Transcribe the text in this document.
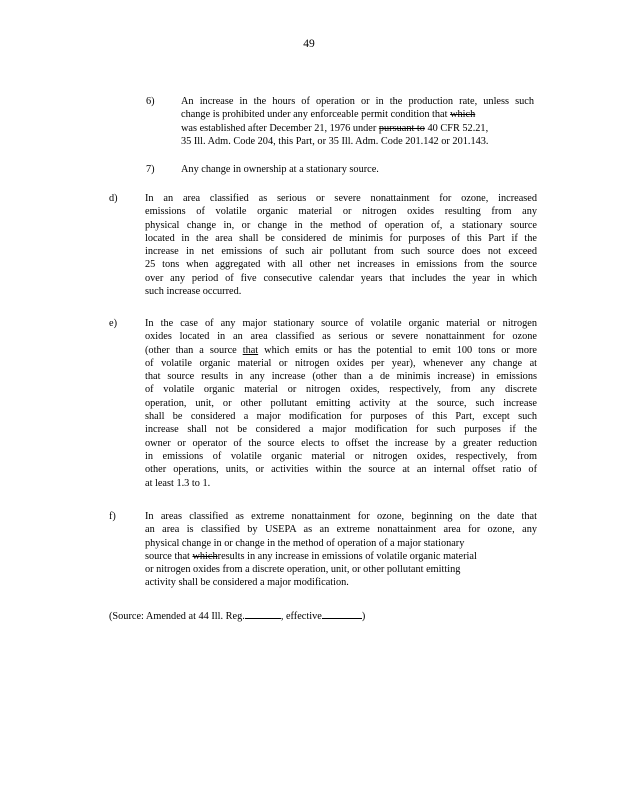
49
6)	An increase in the hours of operation or in the production rate, unless such
change is prohibited under any enforceable permit condition that which
was established after December 21, 1976 under pursuant to 40 CFR 52.21,
35 Ill. Adm. Code 204, this Part, or 35 Ill. Adm. Code 201.142 or 201.143.
7)	Any change in ownership at a stationary source.
d)	In an area classified as serious or severe nonattainment for ozone, increased
emissions of volatile organic material or nitrogen oxides resulting from any
physical change in, or change in the method of operation of, a stationary source
located in the area shall be considered de minimis for purposes of this Part if the
increase in net emissions of such air pollutant from such source does not exceed
25 tons when aggregated with all other net increases in emissions from the source
over any period of five consecutive calendar years that includes the year in which
such increase occurred.
e)	In the case of any major stationary source of volatile organic material or nitrogen
oxides located in an area classified as serious or severe nonattainment for ozone
(other than a source that which emits or has the potential to emit 100 tons or more
of volatile organic material or nitrogen oxides per year), whenever any change at
that source results in any increase (other than a de minimis increase) in emissions
of volatile organic material or nitrogen oxides, respectively, from any discrete
operation, unit, or other pollutant emitting activity at the source, such increase
shall be considered a major modification for purposes of this Part, except such
increase shall not be considered a major modification for such purposes if the
owner or operator of the source elects to offset the increase by a greater reduction
in emissions of volatile organic material or nitrogen oxides, respectively, from
other operations, units, or activities within the source at an internal offset ratio of
at least 1.3 to 1.
f)	In areas classified as extreme nonattainment for ozone, beginning on the date that
an area is classified by USEPA as an extreme nonattainment area for ozone, any
physical change in or change in the method of operation of a major stationary
source that whichresults in any increase in emissions of volatile organic material
or nitrogen oxides from a discrete operation, unit, or other pollutant emitting
activity shall be considered a major modification.
(Source: Amended at 44 Ill. Reg.	, effective	)
